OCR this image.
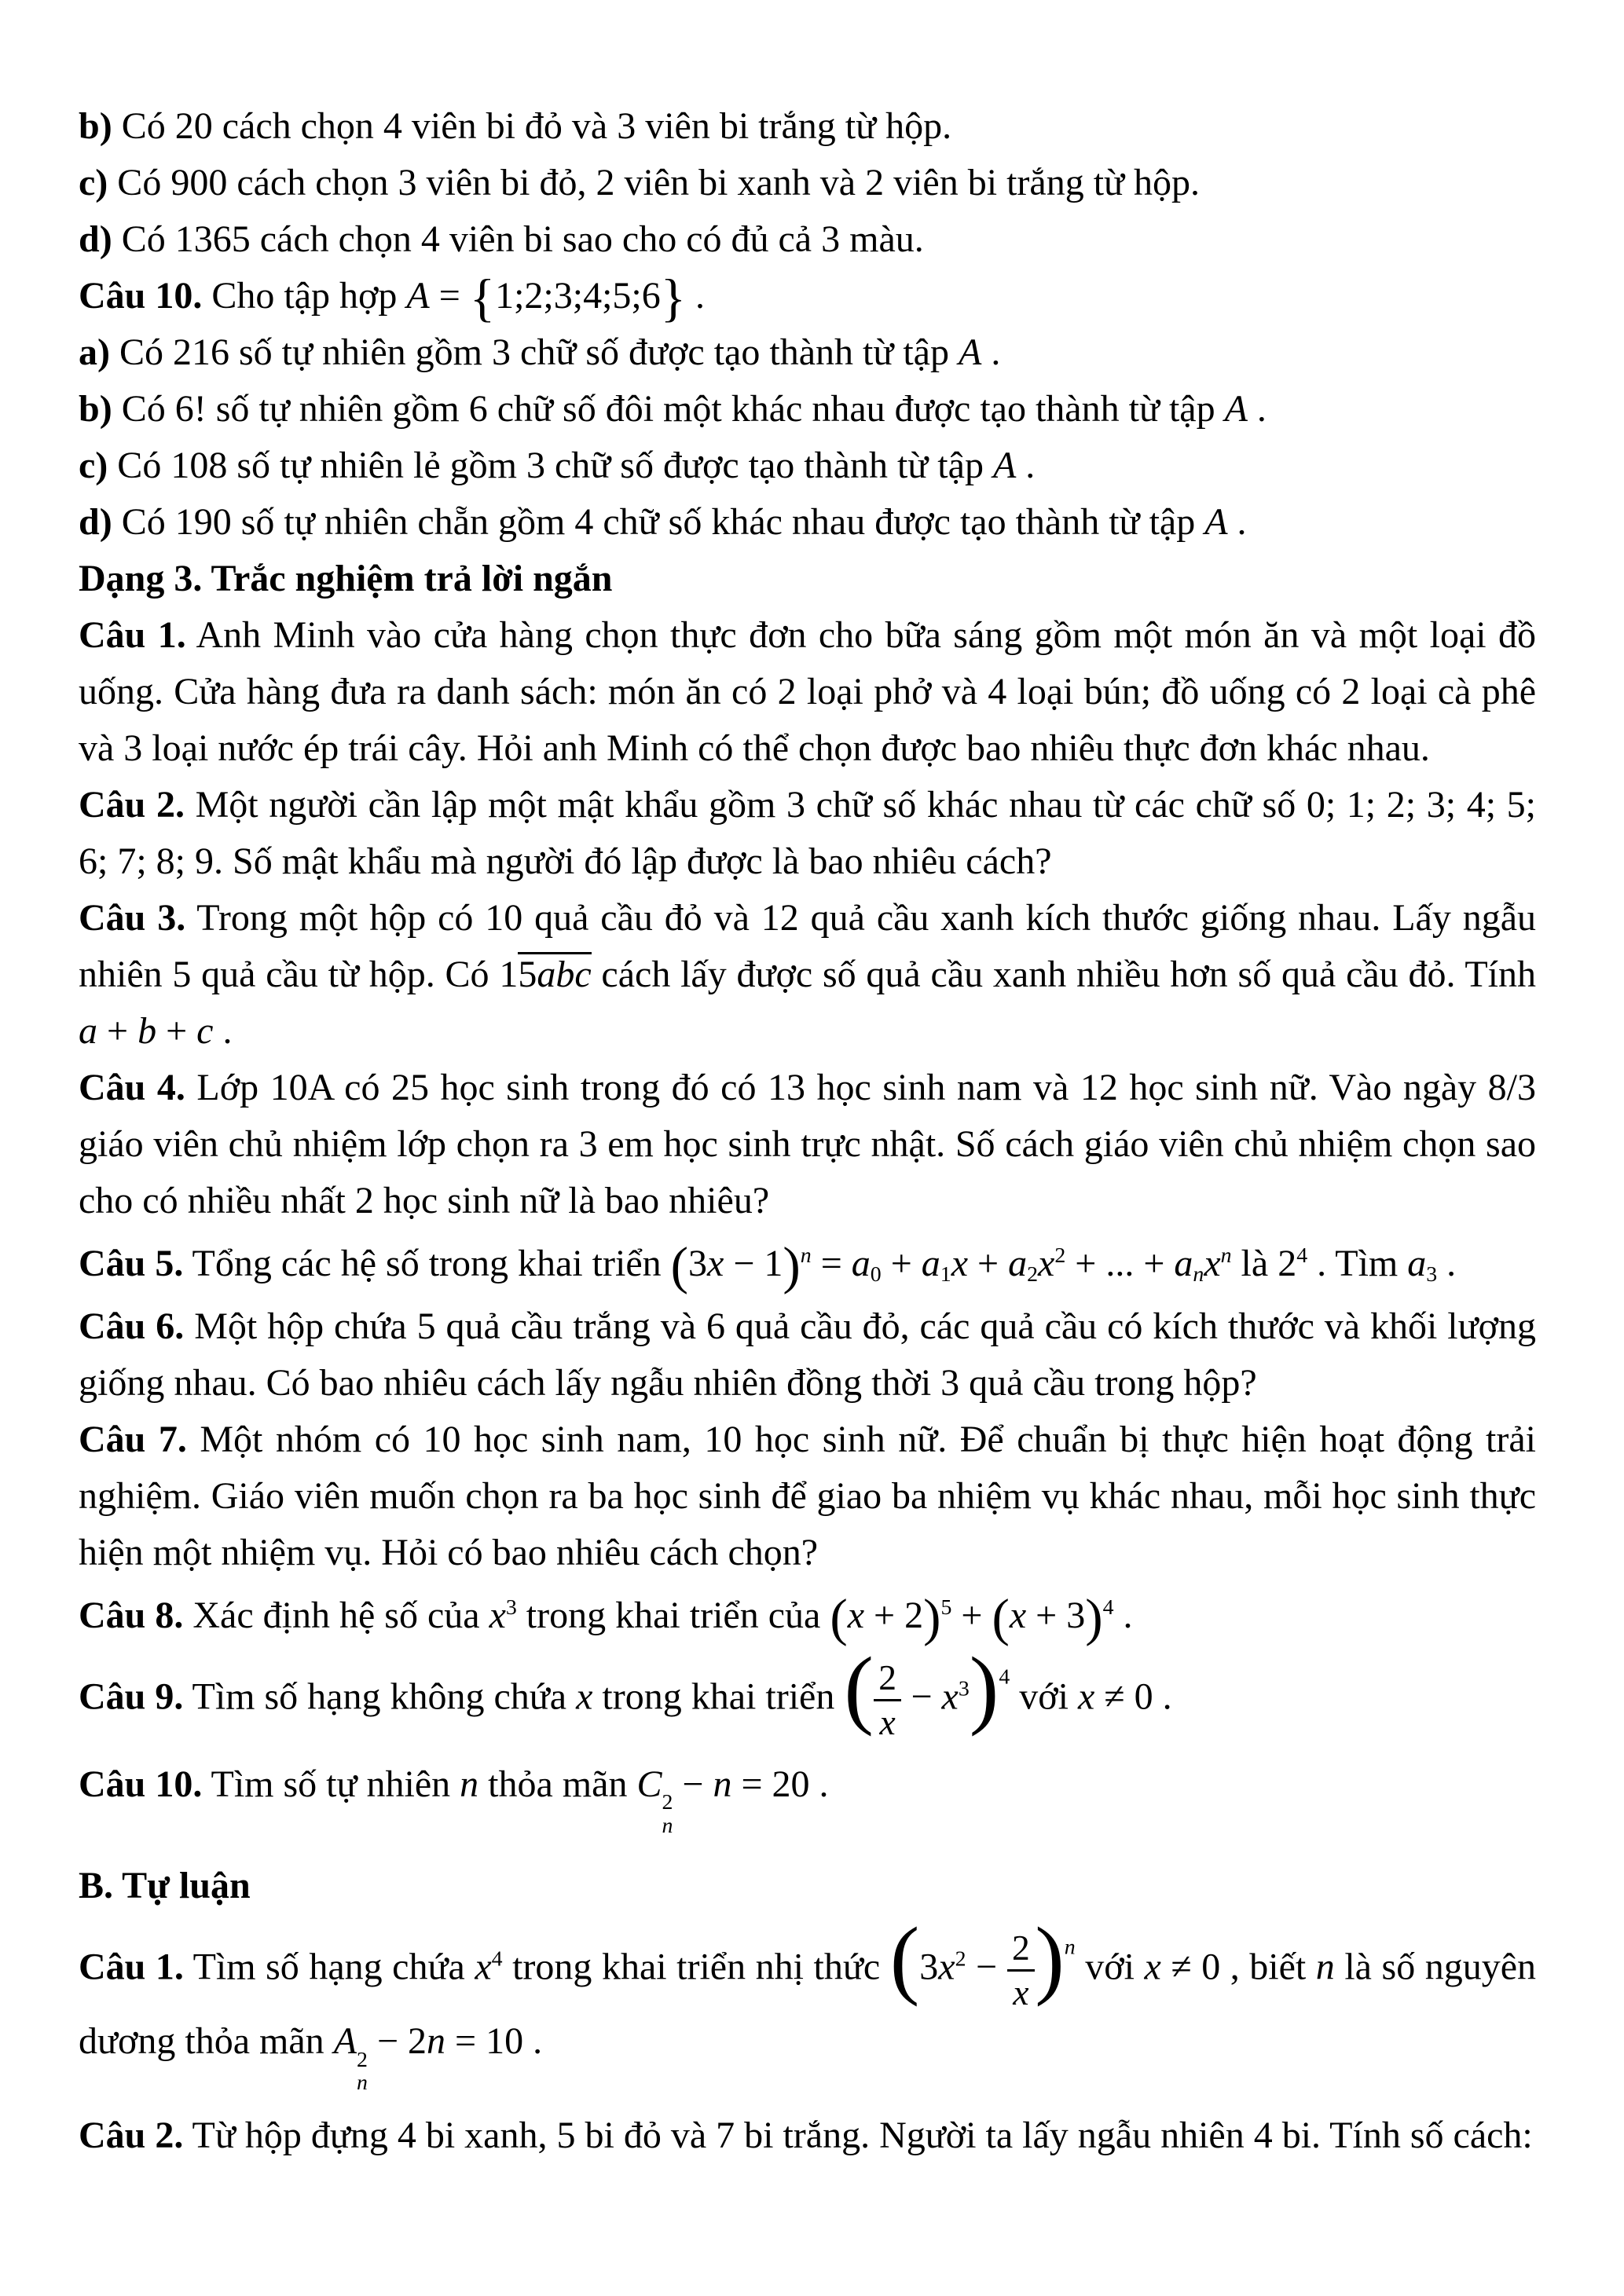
b) Có 20 cách chọn 4 viên bi đỏ và 3 viên bi trắng từ hộp.
c) Có 900 cách chọn 3 viên bi đỏ, 2 viên bi xanh và 2 viên bi trắng từ hộp.
d) Có 1365 cách chọn 4 viên bi sao cho có đủ cả 3 màu.
Câu 10. Cho tập hợp A = {1;2;3;4;5;6} .
a) Có 216 số tự nhiên gồm 3 chữ số được tạo thành từ tập A .
b) Có 6! số tự nhiên gồm 6 chữ số đôi một khác nhau được tạo thành từ tập A .
c) Có 108 số tự nhiên lẻ gồm 3 chữ số được tạo thành từ tập A .
d) Có 190 số tự nhiên chẵn gồm 4 chữ số khác nhau được tạo thành từ tập A .
Dạng 3. Trắc nghiệm trả lời ngắn
Câu 1. Anh Minh vào cửa hàng chọn thực đơn cho bữa sáng gồm một món ăn và một loại đồ uống. Cửa hàng đưa ra danh sách: món ăn có 2 loại phở và 4 loại bún; đồ uống có 2 loại cà phê và 3 loại nước ép trái cây. Hỏi anh Minh có thể chọn được bao nhiêu thực đơn khác nhau.
Câu 2. Một người cần lập một mật khẩu gồm 3 chữ số khác nhau từ các chữ số 0; 1; 2; 3; 4; 5; 6; 7; 8; 9. Số mật khẩu mà người đó lập được là bao nhiêu cách?
Câu 3. Trong một hộp có 10 quả cầu đỏ và 12 quả cầu xanh kích thước giống nhau. Lấy ngẫu nhiên 5 quả cầu từ hộp. Có 15abc cách lấy được số quả cầu xanh nhiều hơn số quả cầu đỏ. Tính a + b + c .
Câu 4. Lớp 10A có 25 học sinh trong đó có 13 học sinh nam và 12 học sinh nữ. Vào ngày 8/3 giáo viên chủ nhiệm lớp chọn ra 3 em học sinh trực nhật. Số cách giáo viên chủ nhiệm chọn sao cho có nhiều nhất 2 học sinh nữ là bao nhiêu?
Câu 5. Tổng các hệ số trong khai triển $(3x - 1)^n = a_0 + a_1x + a_2x^2$ + ... + $a_nx^n$ là $2^4$ . Tìm $a_3$ .
Câu 6. Một hộp chứa 5 quả cầu trắng và 6 quả cầu đỏ, các quả cầu có kích thước và khối lượng giống nhau. Có bao nhiêu cách lấy ngẫu nhiên đồng thời 3 quả cầu trong hộp?
Câu 7. Một nhóm có 10 học sinh nam, 10 học sinh nữ. Để chuẩn bị thực hiện hoạt động trải nghiệm. Giáo viên muốn chọn ra ba học sinh để giao ba nhiệm vụ khác nhau, mỗi học sinh thực hiện một nhiệm vụ. Hỏi có bao nhiêu cách chọn?
Câu 8. Xác định hệ số của $x^3$ trong khai triển của $(x + 2)^5 + (x + 3)^4$ .
Câu 9. Tìm số hạng không chứa x trong khai triển ( $\frac{2}{x} - x^3)^4$ với x ≠ 0 .
Câu 10. Tìm số tự nhiên n thỏa mãn C 2
n
− n = 20 .
B. Tự luận
Câu 1. Tìm số hạng chứa $x^4$ trong khai triển nhị thức $(3x^2 - \frac{2}{x} )^n$ với x ≠ 0 , biết n là số nguyên dương thỏa mãn A 2
n
− 2n = 10 .
Câu 2. Từ hộp đựng 4 bi xanh, 5 bi đỏ và 7 bi trắng. Người ta lấy ngẫu nhiên 4 bi. Tính số cách:
